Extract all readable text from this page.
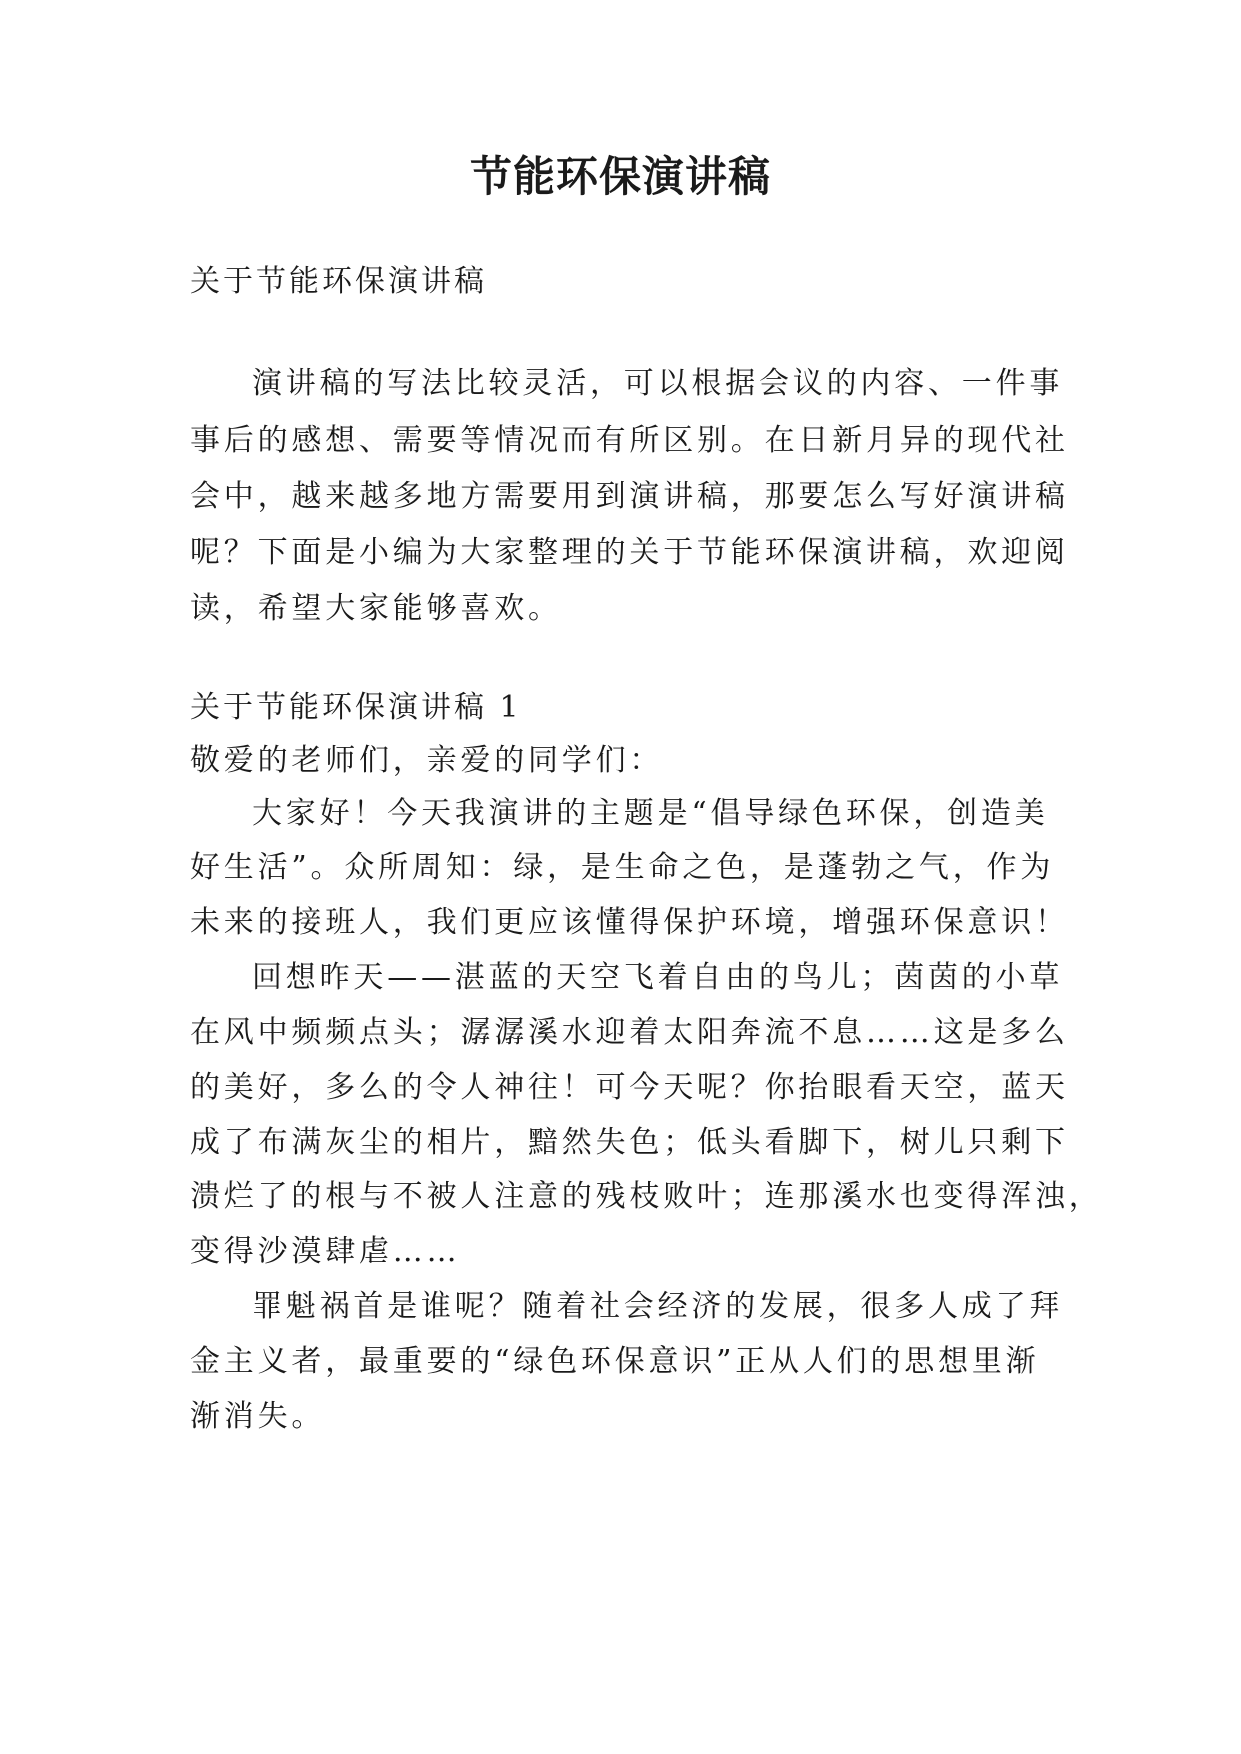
节能环保演讲稿
关于节能环保演讲稿
演讲稿的写法比较灵活，可以根据会议的内容、一件事
事后的感想、需要等情况而有所区别。在日新月异的现代社
会中，越来越多地方需要用到演讲稿，那要怎么写好演讲稿
呢？下面是小编为大家整理的关于节能环保演讲稿，欢迎阅
读，希望大家能够喜欢。
关于节能环保演讲稿 1
敬爱的老师们，亲爱的同学们：
大家好！今天我演讲的主题是“倡导绿色环保，创造美
好生活”。众所周知：绿，是生命之色，是蓬勃之气，作为
未来的接班人，我们更应该懂得保护环境，增强环保意识！
回想昨天——湛蓝的天空飞着自由的鸟儿；茵茵的小草
在风中频频点头；潺潺溪水迎着太阳奔流不息……这是多么
的美好，多么的令人神往！可今天呢？你抬眼看天空，蓝天
成了布满灰尘的相片，黯然失色；低头看脚下，树儿只剩下
溃烂了的根与不被人注意的残枝败叶；连那溪水也变得浑浊，
变得沙漠肆虐……
罪魁祸首是谁呢？随着社会经济的发展，很多人成了拜
金主义者，最重要的“绿色环保意识”正从人们的思想里渐
渐消失。
